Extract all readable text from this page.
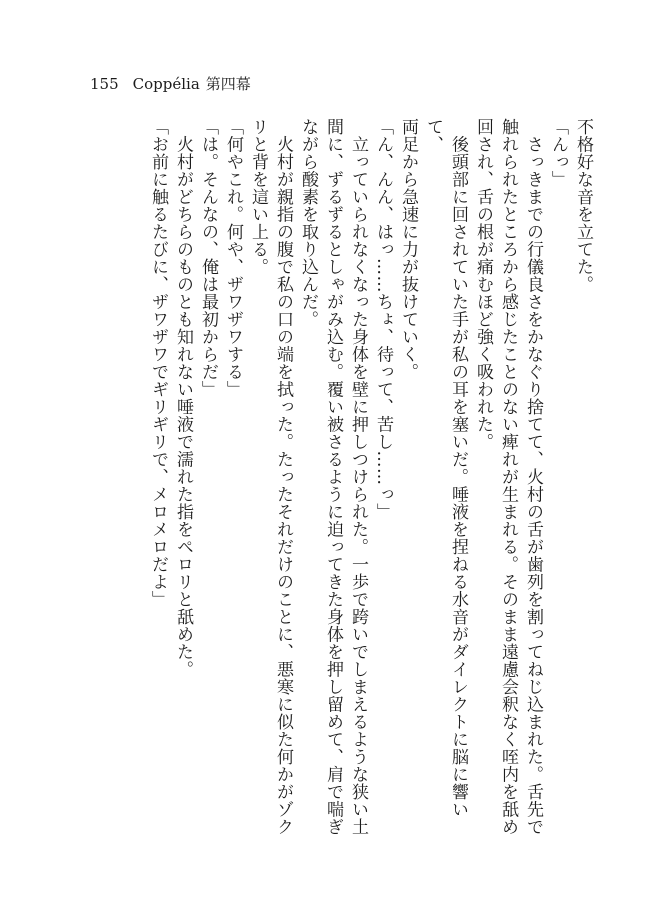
155 Coppélia 第四幕

不格好な音を立てた。

「んっ」

　さっきまでの行儀良さをかなぐり捨てて、火村の舌が歯列を割ってねじ込まれた。舌先で

触れられたところから感じたことのない痺れが生まれる。そのまま遠慮会釈なく咥内を舐め

回され、舌の根が痛むほど強く吸われた。

　後頭部に回されていた手が私の耳を塞いだ。唾液を捏ねる水音がダイレクトに脳に響いて、

両足から急速に力が抜けていく。

「ん、んん、はっ……ちょ、待って、苦し……っ」

　立っていられなくなった身体を壁に押しつけられた。一歩で跨いでしまえるような狭い土

間に、ずるずるとしゃがみ込む。覆い被さるように迫ってきた身体を押し留めて、肩で喘ぎ

ながら酸素を取り込んだ。

　火村が親指の腹で私の口の端を拭った。たったそれだけのことに、悪寒に似た何かがゾク

リと背を這い上る。

「何やこれ。何や、ザワザワする」

「は。そんなの、俺は最初からだ」

　火村がどちらのものとも知れない唾液で濡れた指をペロリと舐めた。

「お前に触るたびに、ザワザワでギリギリで、メロメロだよ」
